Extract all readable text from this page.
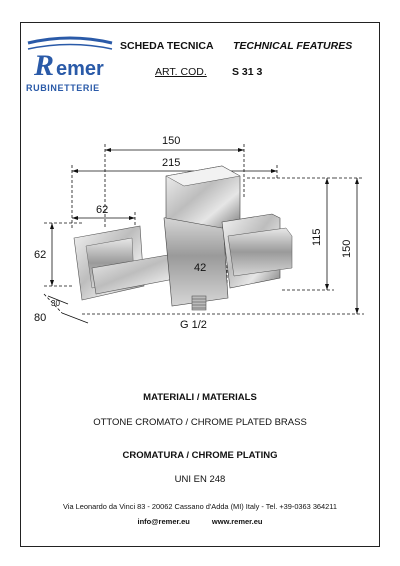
R emer
RUBINETTERIE
SCHEDA TECNICA TECHNICAL FEATURES
ART. COD. S 31 3
150
215
62
62
42
115
150
30
80
G 1/2
MATERIALI / MATERIALS
OTTONE CROMATO / CHROME PLATED BRASS
CROMATURA / CHROME PLATING
UNI EN 248
Via Leonardo da Vinci 83 - 20062 Cassano d'Adda (MI) Italy - Tel. +39-0363 364211
info@remer.eu	www.remer.eu
